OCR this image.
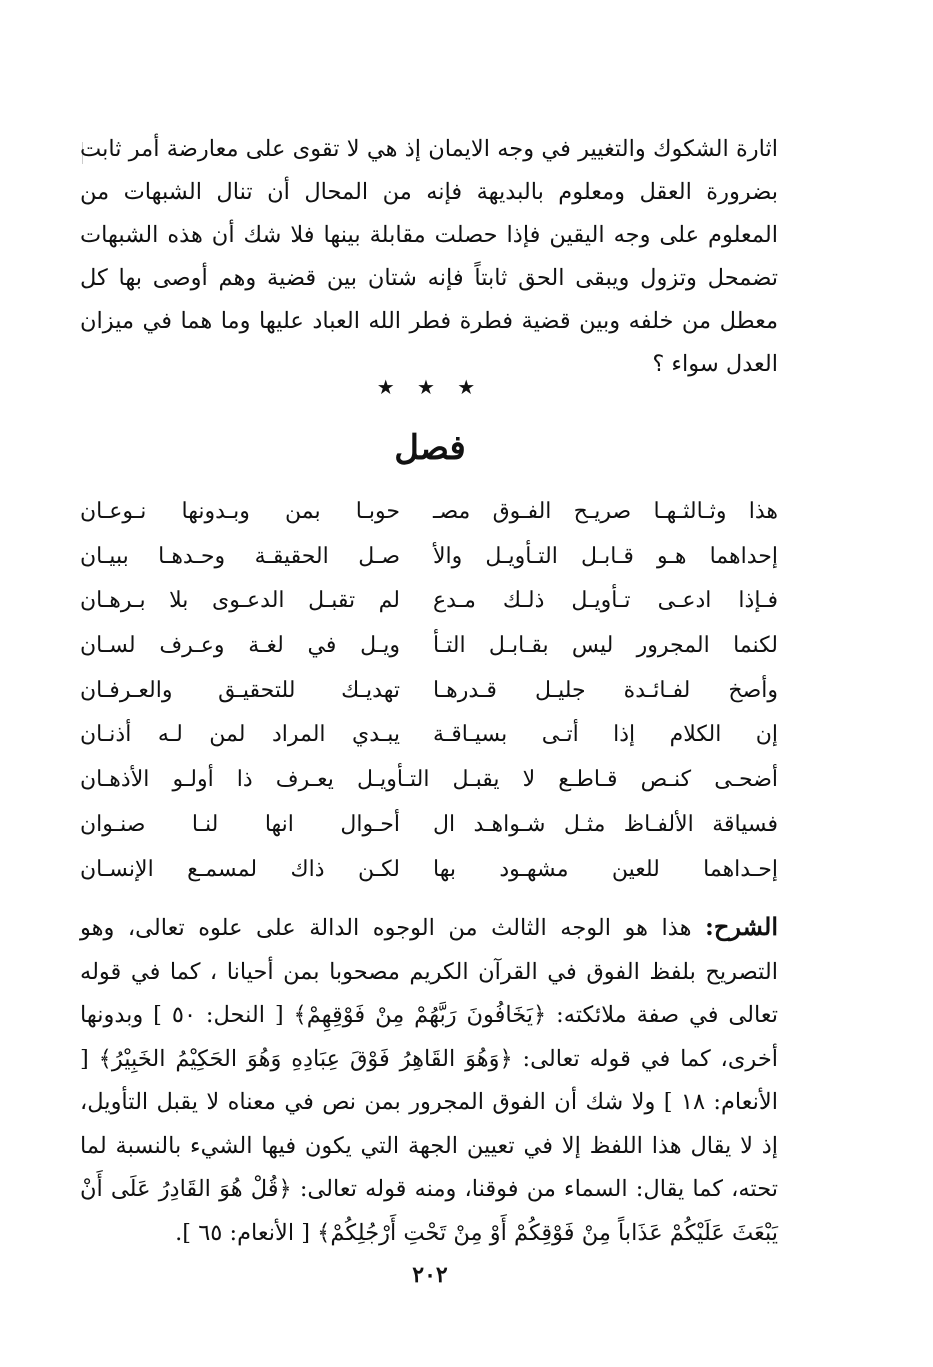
اثارة الشكوك والتغيير في وجه الايمان إذ هي لا تقوى على معارضة أمر ثابت بضرورة العقل ومعلوم بالبديهة فإنه من المحال أن تنال الشبهات من المعلوم على وجه اليقين فإذا حصلت مقابلة بينها فلا شك أن هذه الشبهات تضمحل وتزول ويبقى الحق ثابتاً فإنه شتان بين قضية وهم أوصى بها كل معطل من خلفه وبين قضية فطرة فطر الله العباد عليها وما هما في ميزان العدل سواء ؟

★ ★ ★
فصل
هذا وثـالثـهـا صريـح الفـوق مصـ
حوبـا بمن وبـدونها نـوعـان
إحداهما هـو قـابـل التـأويـل والأ
صـل الحقيقـة وحـدهـا ببيـان
فـإذا ادعـى تـأويـل ذلـك مـدع
لم تقبـل الدعـوى بلا بـرهـان
لكنما المجرور ليس بقـابـل التـأ
ويـل في لغـة وعـرف لسـان
وأصخ لفـائـدة جليـل قـدرهـا
تهديـك للتحقيـق والعـرفـان
إن الكلام إذا أتـى بسيـاقـة
يبـدي المراد لمن لـه أذنـان
أضحـى كنـص قـاطـع لا يقبـل التـأويـل يعـرف ذا أولـو الأذهـان
فسياقة الألفـاظ مثـل شـواهـد ال
أحـوال انها لنـا صنـوان
إحـداهما للعين مشهـود بها
لكـن ذاك لمسمـع الإنسـان

الشرح: هذا هو الوجه الثالث من الوجوه الدالة على علوه تعالى، وهو التصريح بلفظ الفوق في القرآن الكريم مصحوبا بمن أحيانا ، كما في قوله تعالى في صفة ملائكته: ﴿يَخَافُونَ رَبَّهُمْ مِنْ فَوْقِهِمْ﴾ [ النحل: ٥٠ ] وبدونها أخرى، كما في قوله تعالى: ﴿وَهُوَ القَاهِرُ فَوْقَ عِبَادِهِ وَهُوَ الحَكِيْمُ الخَبِيْرُ﴾ [ الأنعام: ١٨ ] ولا شك أن الفوق المجرور بمن نص في معناه لا يقبل التأويل، إذ لا يقال هذا اللفظ إلا في تعيين الجهة التي يكون فيها الشيء بالنسبة لما تحته، كما يقال: السماء من فوقنا، ومنه قوله تعالى: ﴿قُلْ هُوَ القَادِرُ عَلَى أَنْ يَبْعَثَ عَلَيْكُمْ عَذَاباً مِنْ فَوْقِكُمْ أَوْ مِنْ تَحْتِ أَرْجُلِكُمْ﴾ [ الأنعام: ٦٥ ].

٢٠٢
